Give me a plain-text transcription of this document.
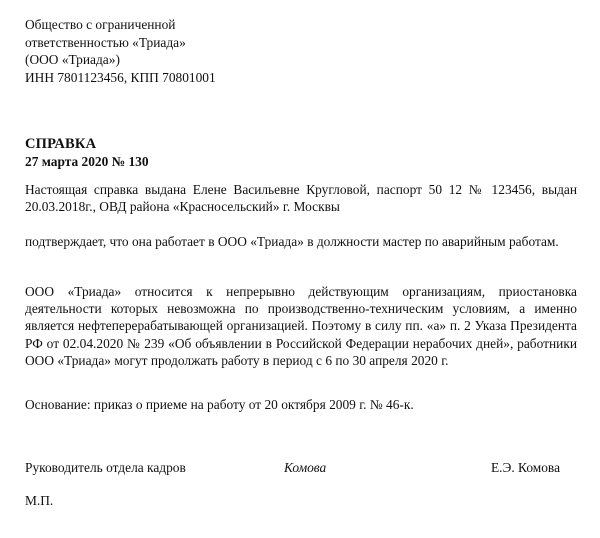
Общество с ограниченной
ответственностью «Триада»
(ООО «Триада»)
ИНН 7801123456, КПП 70801001
СПРАВКА
27 марта 2020 № 130
Настоящая справка выдана Елене Васильевне Кругловой, паспорт 50 12 № 123456, выдан 20.03.2018г., ОВД района «Красносельский» г. Москвы
подтверждает, что она работает в ООО «Триада» в должности мастер по аварийным работам.
ООО «Триада» относится к непрерывно действующим организациям, приостановка деятельности которых невозможна по производственно-техническим условиям, а именно является нефтеперерабатывающей организацией. Поэтому в силу пп. «а» п. 2 Указа Президента РФ от 02.04.2020 № 239 «Об объявлении в Российской Федерации нерабочих дней», работники ООО «Триада» могут продолжать работу в период с 6 по 30 апреля 2020 г.
Основание: приказ о приеме на работу от 20 октября 2009 г. № 46-к.
Руководитель отдела кадров	Комова	Е.Э. Комова
М.П.
